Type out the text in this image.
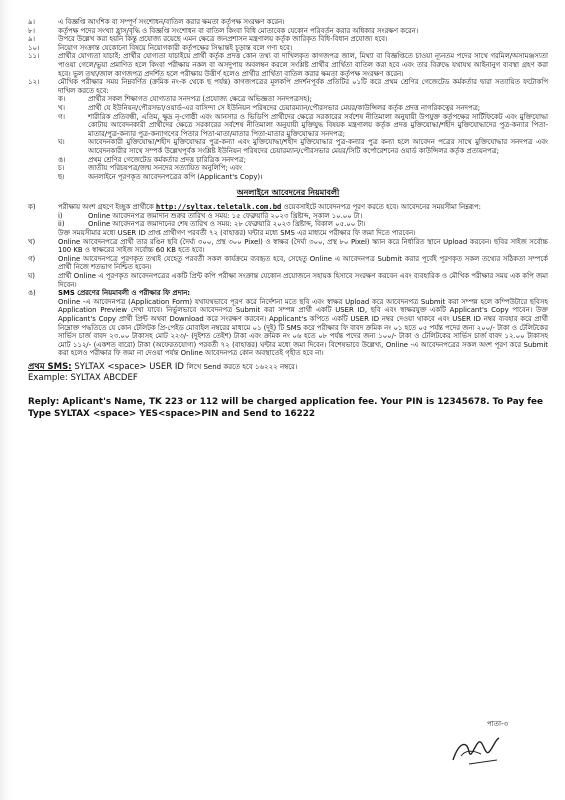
৯।	এ বিজ্ঞপ্তি আংশিক বা সম্পূর্ণ সংশোধন/বাতিল করার ক্ষমতা কর্তৃপক্ষ সংরক্ষণ করেন।
৮।	কর্তৃপক্ষ পদের সংখ্যা হ্রাস/বৃদ্ধি ও বিজ্ঞপ্তি সংশোধন বা বাতিল কিংবা বিধি মোতাবেক যেকোন পরিবর্তন করার অধিকার সংরক্ষণ করেন।
৯।	উপরে উল্লেখ করা হয়নি কিন্তু প্রযোজ্য রয়েছে এমন ক্ষেত্রে জনপ্রশাসন মন্ত্রণালয় কর্তৃক জারিকৃত বিধি-বিধান প্রযোজ্য হবে।
১০।	নিয়োগ সংক্রান্ত যেকোনো বিষয়ে নিয়োগকারী কর্তৃপক্ষের সিদ্ধান্তই চূড়ান্ত বলে গণ্য হবে।
১১।	প্রার্থীর যোগ্যতা যাচাই: প্রার্থীর যোগ্যতা যাচাইয়ে প্রার্থী কর্তৃক প্রদত্ত কোন তথ্য বা দাখিলকৃত কাগজপত্র জাল, মিথ্যা বা বিজ্ঞপ্তিতে চাওয়া ন্যূনতম পদের সাথে গরমিল/অসামঞ্জস্যতা পাওয়া গেলে/ভুয়া প্রমাণিত হলে কিংবা পরীক্ষায় নকল বা অসদুপায় অবলম্বন করলে সংশ্লিষ্ট প্রার্থীর প্রার্থিতা বাতিল করা হবে এবং তার বিরুদ্ধে যথাযথ আইনানুগ ব্যবস্থা গ্রহণ করা হবে। ভুল তথ্য/জাল কাগজপত্র প্রদর্শিত হলে পরীক্ষায় উত্তীর্ণ হলেও প্রার্থীর প্রার্থিতা বাতিল করার ক্ষমতা কর্তৃপক্ষ সংরক্ষণ করেন।
১২।	মৌখিক পরীক্ষার সময় নিম্নবর্ণিত (ক্রমিক নং-ক থেকে ছ পর্যন্ত) কাগজপত্রের মূলকপি প্রদর্শনপূর্বক প্রতিটির ০১টি করে প্রথম শ্রেণির গেজেটেড কর্মকর্তার দ্বারা সত্যায়িত ফটোকপি দাখিল করতে হবে:
ক।	প্রার্থীর সকল শিক্ষাগত যোগ্যতার সনদপত্র (প্রযোজ্য ক্ষেত্রে অভিজ্ঞতা সনদপত্রসহ);
খ।	প্রার্থী যে ইউনিয়ন/পৌরসভা/ওয়ার্ড-এর বাসিন্দা সে ইউনিয়ন পরিষদের চেয়ারম্যান/পৌরসভার মেয়র/কাউন্সিলর কর্তৃক প্রদত্ত নাগরিকত্বের সনদপত্র;
গ।	শারীরিক প্রতিবন্ধী, এতিম, ক্ষুদ্র নৃ-গোষ্ঠী এবং আনসার ও ভিডিপি প্রার্থীদের ক্ষেত্রে সরকারের সর্বশেষ নীতিমালা অনুযায়ী উপযুক্ত কর্তৃপক্ষের সার্টিফিকেট এবং মুক্তিযোদ্ধা কোটায় আবেদনকারী প্রার্থীদের ক্ষেত্রে সরকারের সর্বশেষ নীতিমালা অনুযায়ী মুক্তিযুদ্ধ বিষয়ক মন্ত্রণালয় কর্তৃক প্রদত্ত মুক্তিযোদ্ধা/শহীদ মুক্তিযোদ্ধাদের পুত্র-কন্যার পিতা-মাতার/পুত্র-কন্যার পুত্র-কন্যাগণের পিতার পিতা-মাতা/মাতার পিতা-মাতার মুক্তিযোদ্ধার সনদপত্র;
ঘ।	আবেদনকারী মুক্তিযোদ্ধা/শহীদ মুক্তিযোদ্ধার পুত্র-কন্যা এবং মুক্তিযোদ্ধা/শহীদ মুক্তিযোদ্ধার পুত্র-কন্যার পুত্র কন্যা হলে আবেদন পত্রের সাথে মুক্তিযোদ্ধার সনদপত্র এবং আবেদনকারীর সাথে সম্পর্ক উল্লেখপূর্বক সংশ্লিষ্ট ইউনিয়ন পরিষদের চেয়ারম্যান/পৌরসভার মেয়র/সিটি কর্পোরেশনের ওয়ার্ড কাউন্সিলর কর্তৃক প্রত্যয়নপত্র;
ঙ।	প্রথম শ্রেণির গেজেটেড কর্মকর্তার প্রদত্ত চারিত্রিক সনদপত্র;
চ।	জাতীয় পরিচয়পত্র/জন্ম সনদের সত্যায়িত অনুলিপি; এবং
ছ।	অনলাইনে পূরণকৃত আবেদনপত্রের কপি (Applicant's Copy)।

অনলাইনে আবেদনের নিয়মাবলী

ক)	পরীক্ষায় অংশ গ্রহণে ইচ্ছুক প্রার্থীকে http://syltax.teletalk.com.bd ওয়েবসাইটে আবেদনপত্র পূরণ করতে হবে। আবেদনের সময়সীমা নিম্নরূপ:
i)	Online আবেদনপত্র জমাদান শুরুর তারিখ ও সময়: ১৫ ফেব্রুয়ারি ২০২৩ খ্রিষ্টাব্দ, সকাল ১০.০০ টা।
ii)	Online আবেদনপত্র জমাদানের শেষ তারিখ ও সময়: ২৮ ফেব্রুয়ারি ২০২৩ খ্রিষ্টাব্দ, বিকাল ০৫.০০ টা।
উক্ত সময়সীমার মধ্যে USER ID প্রাপ্ত প্রার্থীগণ পরবর্তী ৭২ (বাহাত্তর) ঘন্টার মধ্যে SMS এর মাধ্যমে পরীক্ষার ফি জমা দিতে পারবেন।
খ)	Online আবেদনপত্রে প্রার্থী তার রঙিন ছবি (দৈর্ঘ্য ৩০০, প্রস্থ ৩০০ Pixel) ও স্বাক্ষর (দৈর্ঘ্য ৩০০, প্রস্থ ৮০ Pixel) স্ক্যান করে নির্ধারিত স্থানে Upload করবেন। ছবির সাইজ সর্বোচ্চ 100 KB ও স্বাক্ষরের সাইজ সর্বোচ্চ 60 KB হতে হবে।
গ)	Online আবেদনপত্রে পূরণকৃত তথ্যই যেহেতু পরবর্তী সকল কার্যক্রমে ব্যবহৃত হবে, সেহেতু Online এ আবেদনপত্র Submit করার পূর্বেই পূরণকৃত সকল তথ্যের সঠিকতা সম্পর্কে প্রার্থী নিজে শতভাগ নিশ্চিত হবেন।
ঘ)	প্রার্থী Online এ পূরণকৃত আবেদনপত্রের একটি প্রিন্ট কপি পরীক্ষা সংক্রান্ত যেকোন প্রয়োজনে সহায়ক হিসাবে সংরক্ষণ করবেন এবং ব্যবহারিক ও মৌখিক পরীক্ষার সময় এক কপি জমা দিবেন।
ঙ)	SMS প্রেরণের নিয়মাবলী ও পরীক্ষার ফি প্রদান:
Online -এ আবেদনপত্র (Application Form) যথাযথভাবে পূরণ করে নির্দেশনা মতে ছবি এবং স্বাক্ষর Upload করে আবেদনপত্র Submit করা সম্পন্ন হলে কম্পিউটারে ছবিসহ Application Preview দেখা যাবে। নির্ভুলভাবে আবেদনপত্র Submit করা সম্পন্ন প্রার্থী একটি USER ID, ছবি এবং স্বাক্ষরযুক্ত একটি Applicant's Copy পাবেন। উক্ত Applicant's Copy প্রার্থী প্রিন্ট অথবা Download করে সংরক্ষণ করবেন। Applicant's কপিতে একটি USER ID নম্বর দেওয়া থাকবে এবং USER ID নম্বর ব্যবহার করে প্রার্থী নিম্নোক্ত পদ্ধতিতে যে কোন টেলিটক প্রি-পেইড মোবাইল নম্বরের মাধ্যমে ০১ (দুই) টি SMS করে পরীক্ষার ফি বাবদ ক্রমিক নং ০১ হতে ০৫ পর্যন্ত পদের জন্য ২০০/- টাকা ও টেলিটকের সার্ভিস চার্জ বাবদ ২৩.০০ টাকাসহ মোট ২২৩/- (দুইশত তেইশ) টাকা এবং ক্রমিক নং ০৬ হতে ০৮ পর্যন্ত পদের জন্য ১০০/- টাকা ও টেলিটকের সার্ভিস চার্জ বাবদ ১২.০০ টাকাসহ মোট ১১২/- (একশত বারো) টাকা (অফেরতযোগ্য) পরবর্তী ৭২ (বাহাত্তর) ঘন্টার মধ্যে জমা দিবেন। বিশেষভাবে উল্লেখ্য, Online -এ আবেদনপত্রের সকল অংশ পূরণ করে Submit করা হলেও পরীক্ষার ফি জমা না দেওয়া পর্যন্ত Online আবেদনপত্র কোন অবস্থাতেই গৃহীত হবে না।
প্রথম SMS: SYLTAX <space> USER ID লিখে Send করতে হবে ১৬২২২ নম্বরে।
Example: SYLTAX ABCDEF
Reply: Aplicant's Name, TK 223 or 112 will be charged application fee. Your PIN is 12345678. To Pay fee Type SYLTAX <space> YES<space>PIN and Send to 16222
পাতা-৩
